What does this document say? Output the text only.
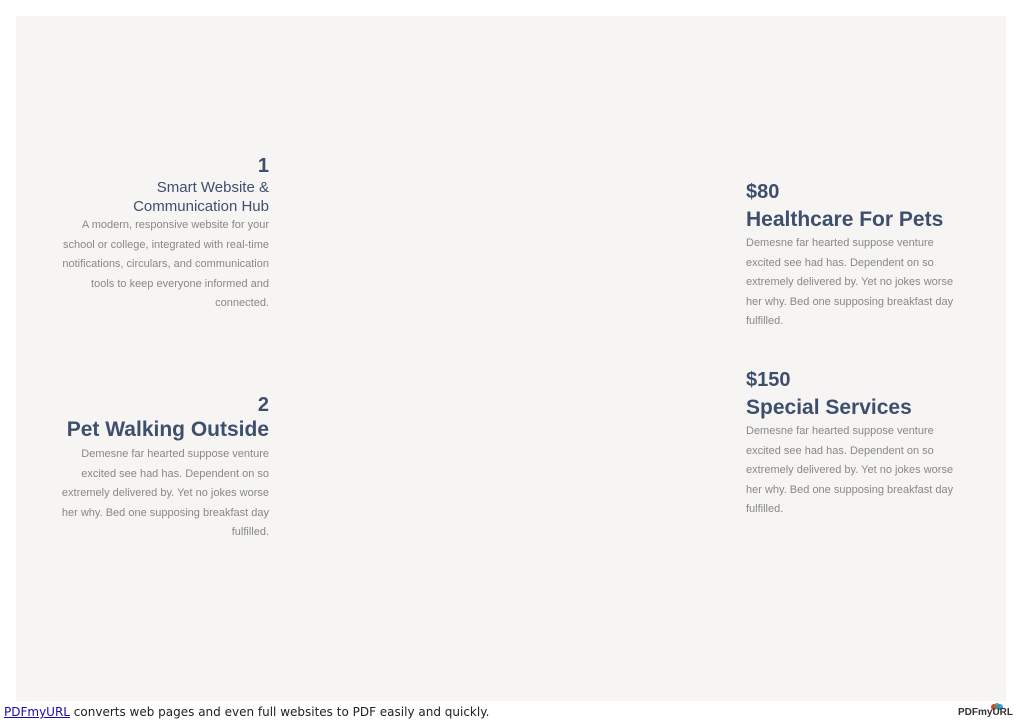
1
Smart Website &
Communication Hub
A modern, responsive website for your
school or college, integrated with real-time
notifications, circulars, and communication
tools to keep everyone informed and
connected.
2
Pet Walking Outside
Demesne far hearted suppose venture
excited see had has. Dependent on so
extremely delivered by. Yet no jokes worse
her why. Bed one supposing breakfast day
fulfilled.
$80
Healthcare For Pets
Demesne far hearted suppose venture
excited see had has. Dependent on so
extremely delivered by. Yet no jokes worse
her why. Bed one supposing breakfast day
fulfilled.
$150
Special Services
Demesne far hearted suppose venture
excited see had has. Dependent on so
extremely delivered by. Yet no jokes worse
her why. Bed one supposing breakfast day
fulfilled.
PDFmyURL converts web pages and even full websites to PDF easily and quickly.	PDFmyURL
